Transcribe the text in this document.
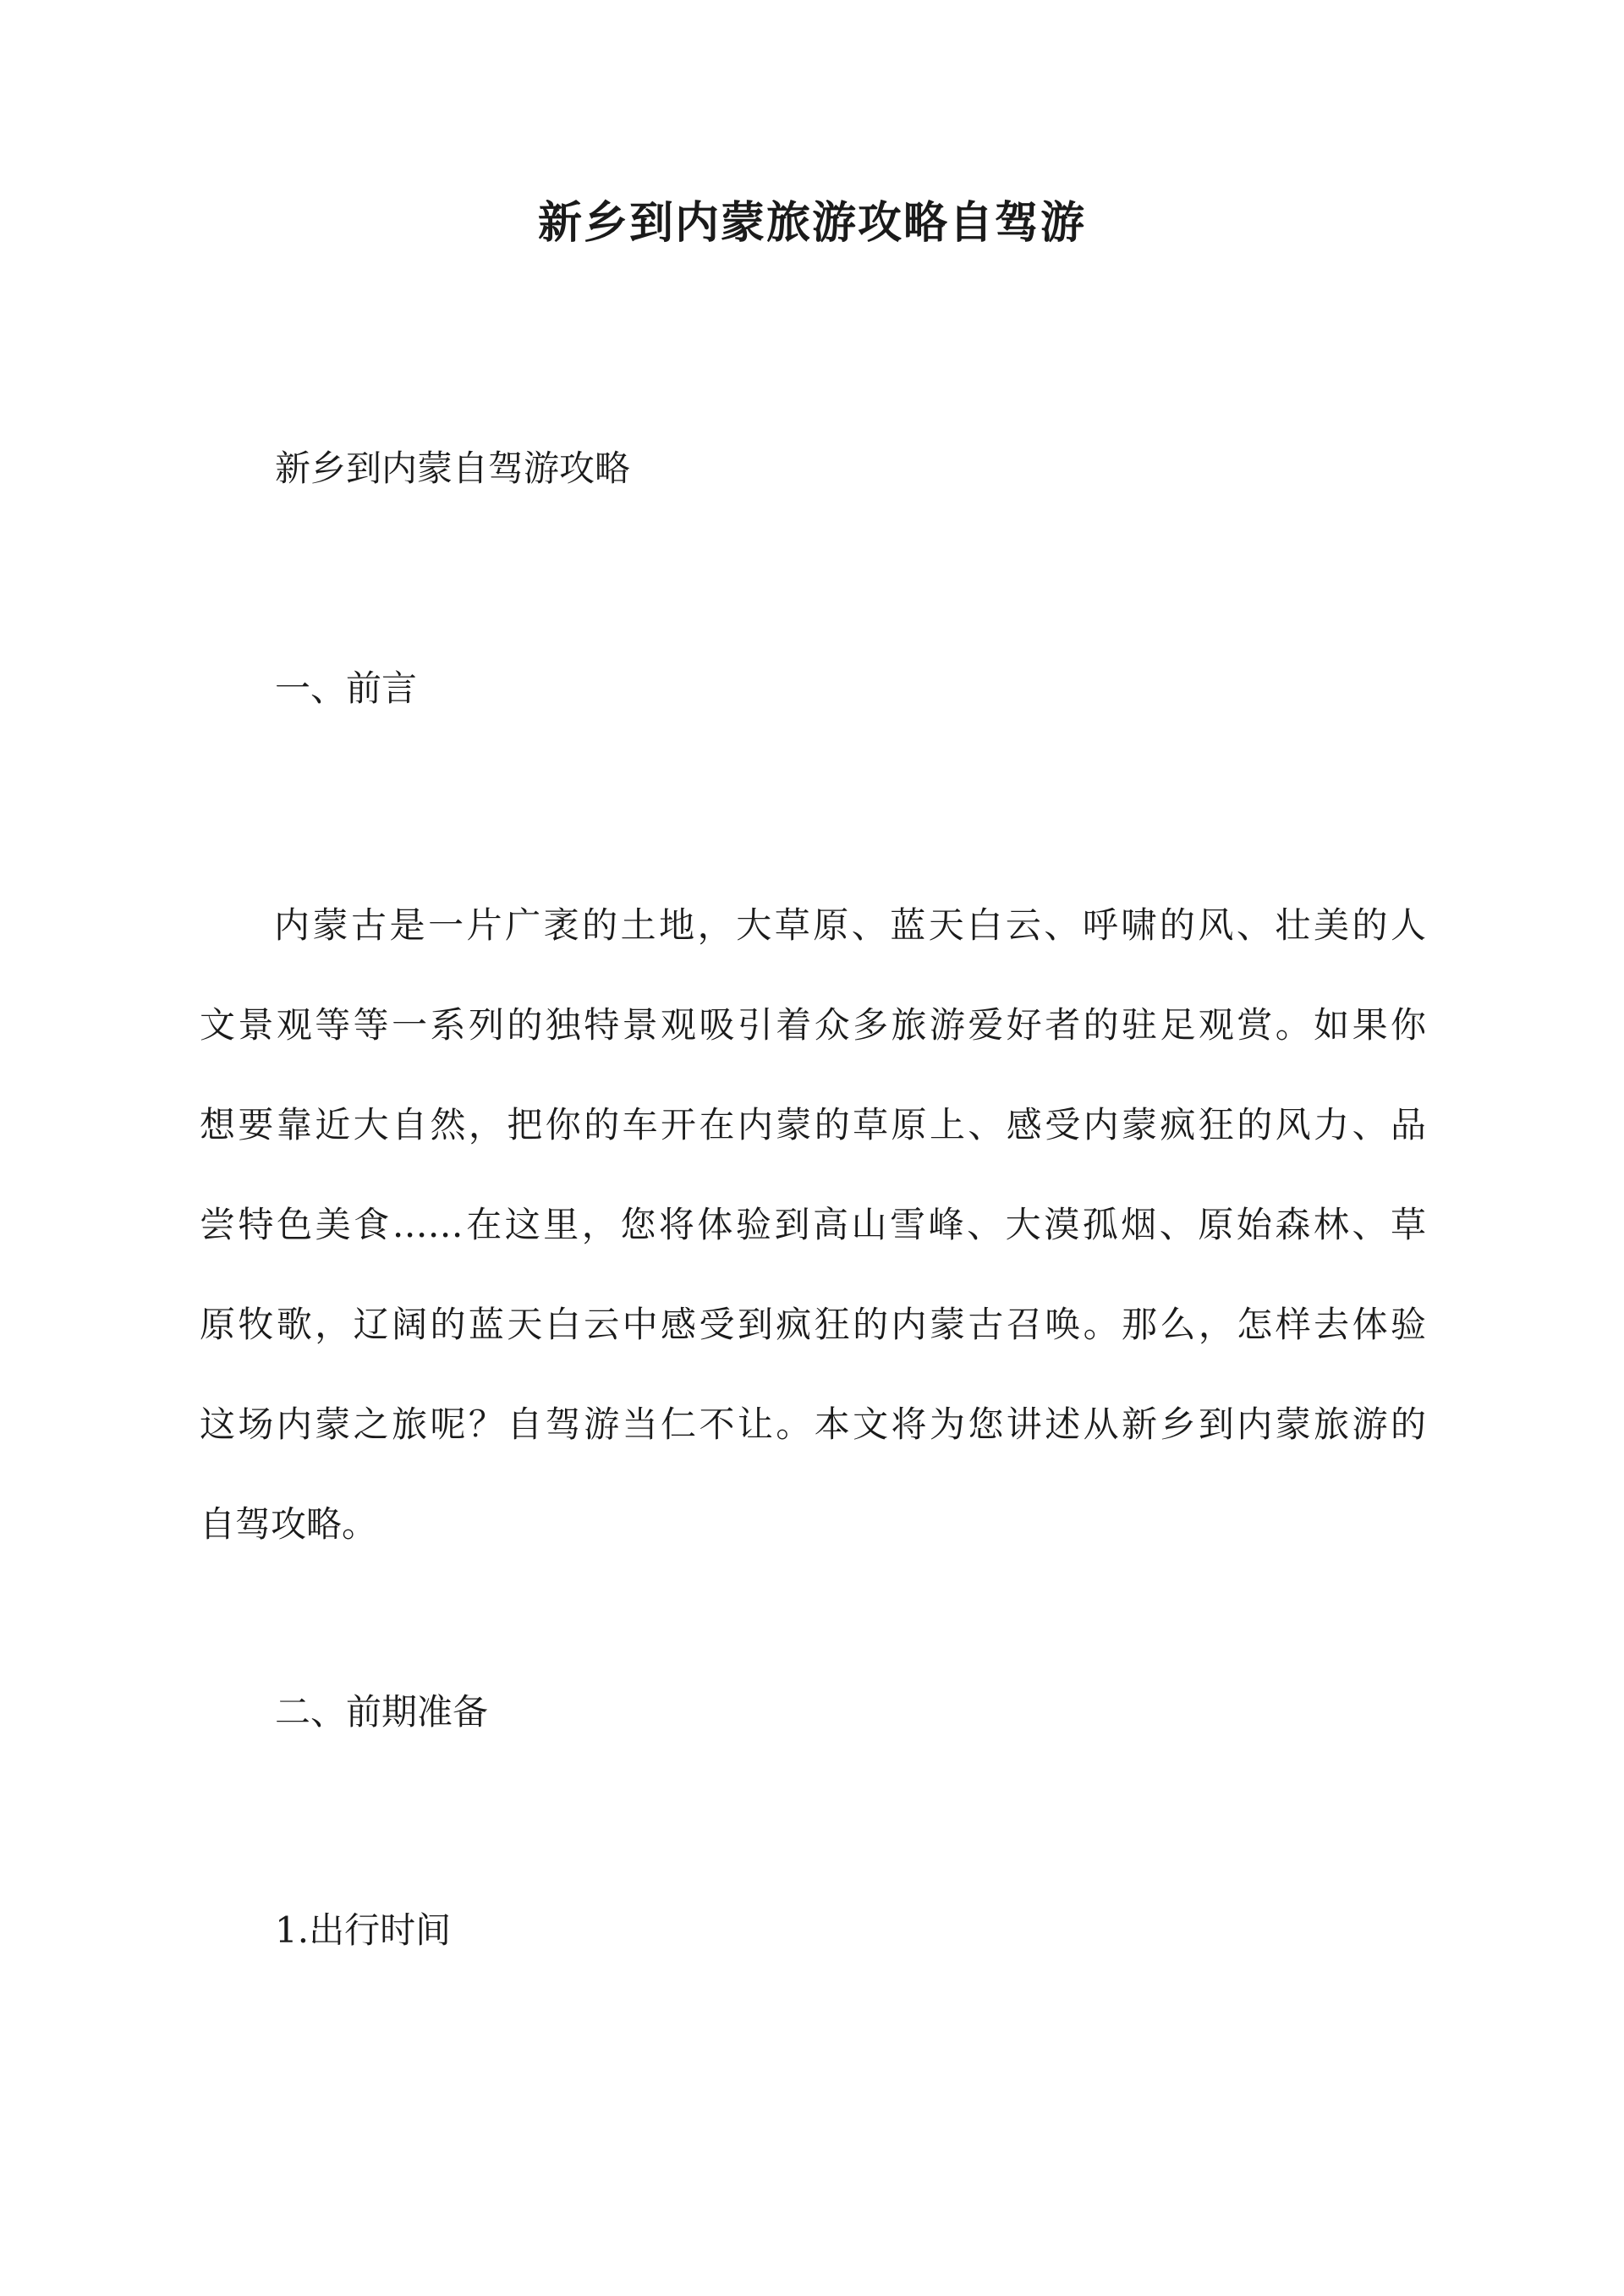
新乡到内蒙旅游攻略自驾游
新乡到内蒙自驾游攻略
一、前言
内蒙古是一片广袤的土地，大草原、蓝天白云、呼啸的风、壮美的人
文景观等等一系列的独特景观吸引着众多旅游爱好者的驻足观赏。如果你
想要靠近大自然，把你的车开在内蒙的草原上、感受内蒙疯狂的风力、品
尝特色美食……在这里，您将体验到高山雪峰、大漠孤烟、原始森林、草
原牧歌，辽阔的蓝天白云中感受到疯狂的内蒙古召唤。那么，怎样去体验
这场内蒙之旅呢？自驾游当仁不让。本文将为您讲述从新乡到内蒙旅游的
自驾攻略。
二、前期准备
1.出行时间
